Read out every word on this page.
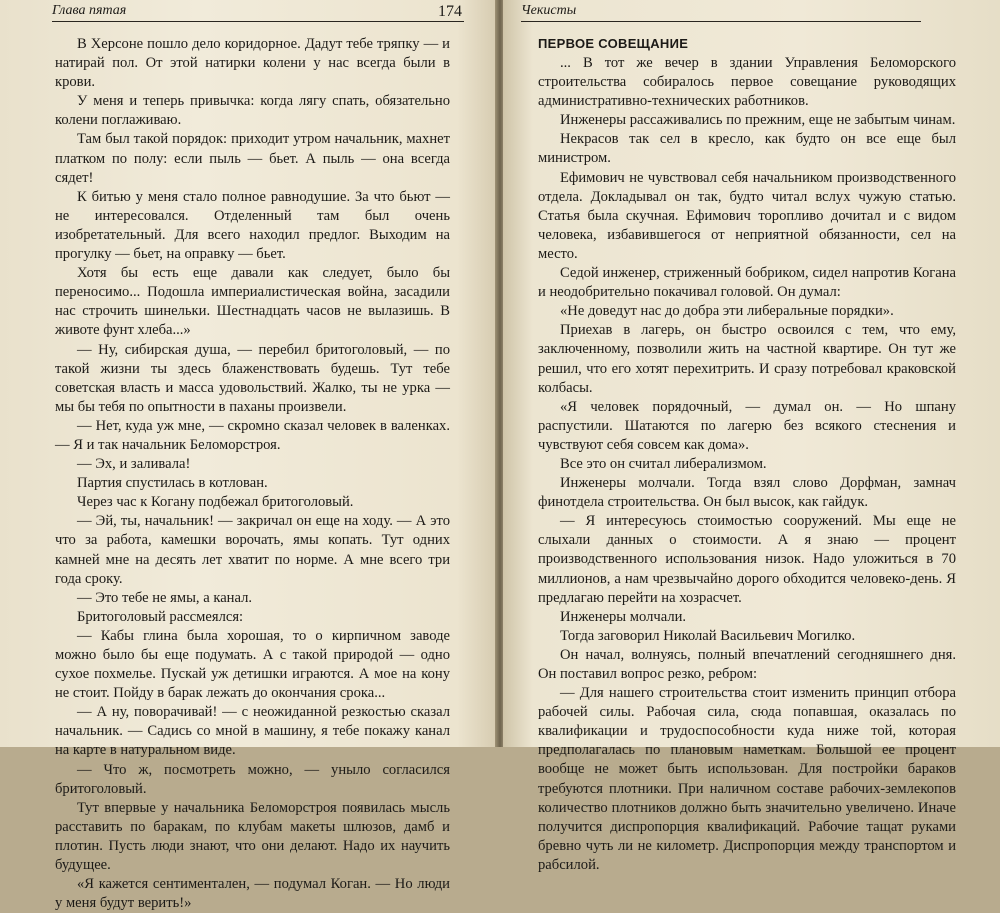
Глава пятая	174

В Херсоне пошло дело коридорное. Дадут тебе тряпку — и натирай пол. От этой натирки колени у нас всегда были в крови.

У меня и теперь привычка: когда лягу спать, обязательно колени поглаживаю.

Там был такой порядок: приходит утром начальник, махнет платком по полу: если пыль — бьет. А пыль — она всегда сядет!

К битью у меня стало полное равнодушие. За что бьют — не интересовался. Отделенный там был очень изобретательный. Для всего находил предлог. Выходим на прогулку — бьет, на оправку — бьет.

Хотя бы есть еще давали как следует, было бы переносимо... Подошла империалистическая война, засадили нас строчить шинельки. Шестнадцать часов не вылазишь. В животе фунт хлеба...»

— Ну, сибирская душа, — перебил бритоголовый, — по такой жизни ты здесь блаженствовать будешь. Тут тебе советская власть и масса удовольствий. Жалко, ты не урка — мы бы тебя по опытности в паханы произвели.

— Нет, куда уж мне, — скромно сказал человек в валенках. — Я и так начальник Беломорстроя.

— Эх, и заливала!

Партия спустилась в котлован.

Через час к Когану подбежал бритоголовый.

— Эй, ты, начальник! — закричал он еще на ходу. — А это что за работа, камешки ворочать, ямы копать. Тут одних камней мне на десять лет хватит по норме. А мне всего три года сроку.

— Это тебе не ямы, а канал.

Бритоголовый рассмеялся:

— Кабы глина была хорошая, то о кирпичном заводе можно было бы еще подумать. А с такой природой — одно сухое похмелье. Пускай уж детишки играются. А мое на кону не стоит. Пойду в барак лежать до окончания срока...

— А ну, поворачивай! — с неожиданной резкостью сказал начальник. — Садись со мной в машину, я тебе покажу канал на карте в натуральном виде.

— Что ж, посмотреть можно, — уныло согласился бритоголовый.

Тут впервые у начальника Беломорстроя появилась мысль расставить по баракам, по клубам макеты шлюзов, дамб и плотин. Пусть люди знают, что они делают. Надо их научить будущее.

«Я кажется сентиментален, — подумал Коган. — Но люди у меня будут верить!»

Чекисты
ПЕРВОЕ СОВЕЩАНИЕ

... В тот же вечер в здании Управления Беломорского строительства собиралось первое совещание руководящих административно-технических работников.

Инженеры рассаживались по прежним, еще не забытым чинам.

Некрасов так сел в кресло, как будто он все еще был министром.

Ефимович не чувствовал себя начальником производственного отдела. Докладывал он так, будто читал вслух чужую статью. Статья была скучная. Ефимович торопливо дочитал и с видом человека, избавившегося от неприятной обязанности, сел на место.

Седой инженер, стриженный бобриком, сидел напротив Когана и неодобрительно покачивал головой. Он думал:

«Не доведут нас до добра эти либеральные порядки».

Приехав в лагерь, он быстро освоился с тем, что ему, заключенному, позволили жить на частной квартире. Он тут же решил, что его хотят перехитрить. И сразу потребовал краковской колбасы.

«Я человек порядочный, — думал он. — Но шпану распустили. Шатаются по лагерю без всякого стеснения и чувствуют себя совсем как дома».

Все это он считал либерализмом.

Инженеры молчали. Тогда взял слово Дорфман, замнач финотдела строительства. Он был высок, как гайдук.

— Я интересуюсь стоимостью сооружений. Мы еще не слыхали данных о стоимости. А я знаю — процент производственного использования низок. Надо уложиться в 70 миллионов, а нам чрезвычайно дорого обходится человеко-день. Я предлагаю перейти на хозрасчет.

Инженеры молчали.

Тогда заговорил Николай Васильевич Могилко.

Он начал, волнуясь, полный впечатлений сегодняшнего дня. Он поставил вопрос резко, ребром:

— Для нашего строительства стоит изменить принцип отбора рабочей силы. Рабочая сила, сюда попавшая, оказалась по квалификации и трудоспособности куда ниже той, которая предполагалась по плановым наметкам. Большой ее процент вообще не может быть использован. Для постройки бараков требуются плотники. При наличном составе рабочих-землекопов количество плотников должно быть значительно увеличено. Иначе получится диспропорция квалификаций. Рабочие тащат руками бревно чуть ли не километр. Диспропорция между транспортом и рабсилой.
